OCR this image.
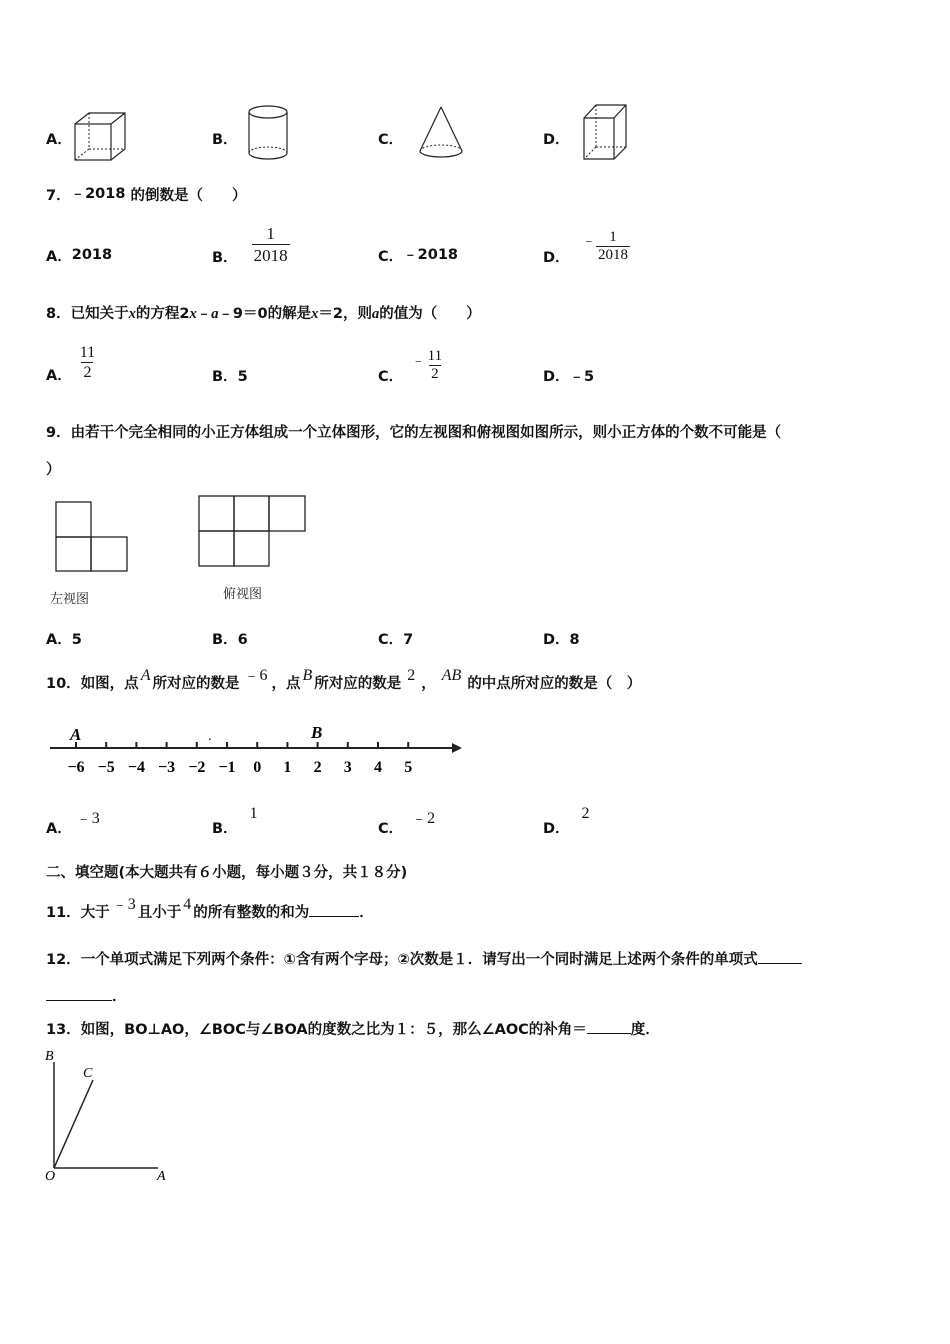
A．	B．	C．	D．
7．﹣2018 的倒数是（　　）
A．2018	B． $\frac{1}{2018}$	C．﹣2018	D．
﹣ $\frac{1}{2018}$
8．已知关于x的方程2x﹣a﹣9＝0的解是x＝2，则a的值为（　　）
A． $\frac{11}{2}$	B．5	C．
﹣ $\frac{11}{2}$	D．﹣5
9．由若干个完全相同的小正方体组成一个立体图形，它的左视图和俯视图如图所示，则小正方体的个数不可能是（
）
左视图	俯视图
A．5	B．6	C．7	D．8
10．如图，点 A 所对应的数是 ﹣6 ，点 B 所对应的数是 2 ， AB 的中点所对应的数是（　）
A	B
.
−6 −5 −4 −3 −2 −1 0 1 2 3 4 5
A．
﹣3
B．
1
C．
﹣2
D．
2
二、填空题(本大题共有６小题，每小题３分，共１８分)
11．大于 ﹣3 且小于 4 的所有整数的和为	．
12．一个单项式满足下列两个条件：①含有两个字母；②次数是１．请写出一个同时满足上述两个条件的单项式
．
13．如图，BO⊥AO，∠BOC与∠BOA的度数之比为１：５，那么∠AOC的补角＝	度．
B
C
O	A
